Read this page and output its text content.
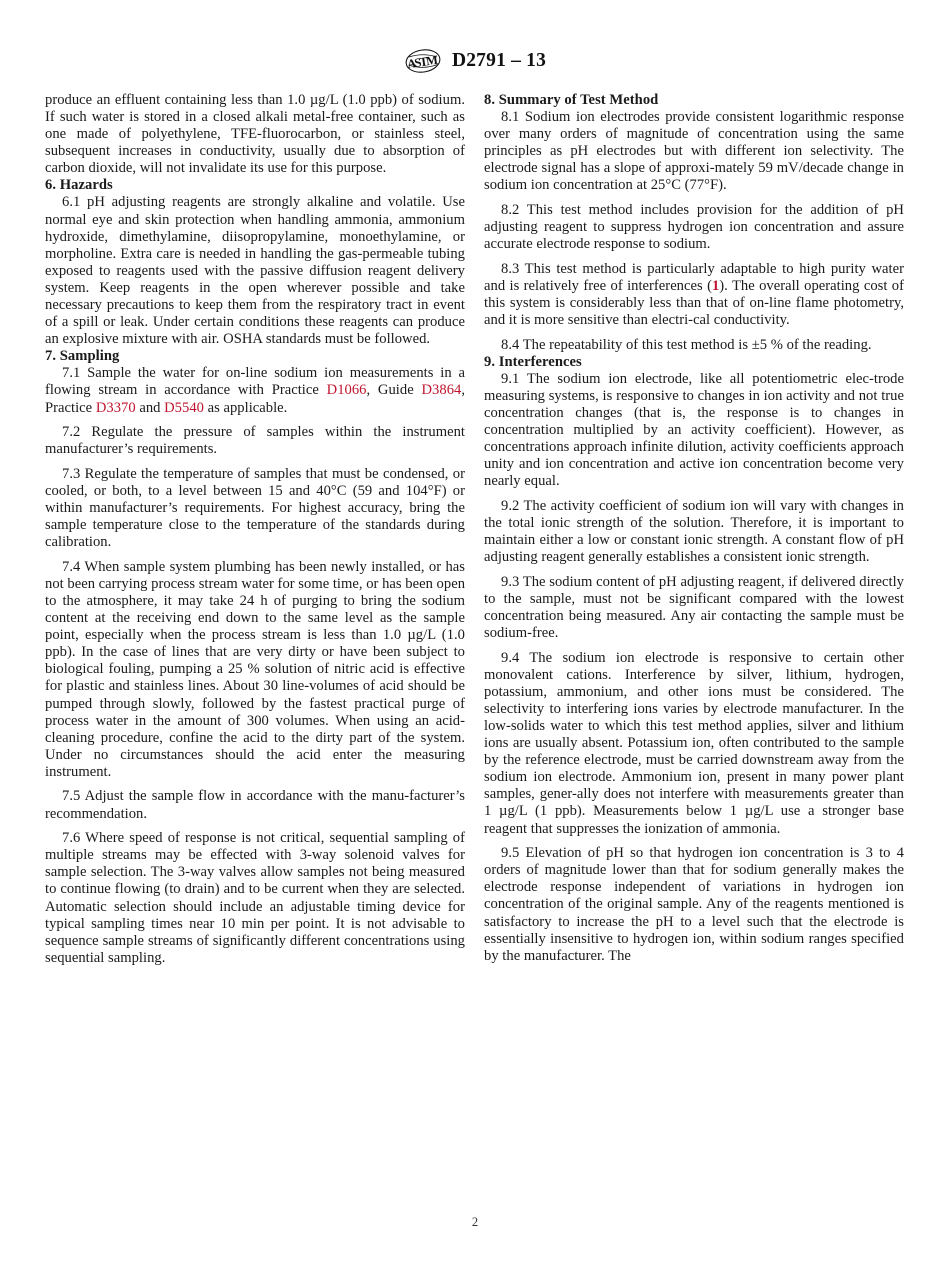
ASTM D2791 – 13

produce an effluent containing less than 1.0 µg/L (1.0 ppb) of sodium. If such water is stored in a closed alkali metal-free container, such as one made of polyethylene, TFE-fluorocarbon, or stainless steel, subsequent increases in conductivity, usually due to absorption of carbon dioxide, will not invalidate its use for this purpose.

6. Hazards

6.1 pH adjusting reagents are strongly alkaline and volatile. Use normal eye and skin protection when handling ammonia, ammonium hydroxide, dimethylamine, diisopropylamine, monoethylamine, or morpholine. Extra care is needed in handling the gas-permeable tubing exposed to reagents used with the passive diffusion reagent delivery system. Keep reagents in the open wherever possible and take necessary precautions to keep them from the respiratory tract in event of a spill or leak. Under certain conditions these reagents can produce an explosive mixture with air. OSHA standards must be followed.

7. Sampling

7.1 Sample the water for on-line sodium ion measurements in a flowing stream in accordance with Practice D1066, Guide D3864, Practice D3370 and D5540 as applicable.

7.2 Regulate the pressure of samples within the instrument manufacturer’s requirements.

7.3 Regulate the temperature of samples that must be condensed, or cooled, or both, to a level between 15 and 40°C (59 and 104°F) or within manufacturer’s requirements. For highest accuracy, bring the sample temperature close to the temperature of the standards during calibration.

7.4 When sample system plumbing has been newly installed, or has not been carrying process stream water for some time, or has been open to the atmosphere, it may take 24 h of purging to bring the sodium content at the receiving end down to the same level as the sample point, especially when the process stream is less than 1.0 µg/L (1.0 ppb). In the case of lines that are very dirty or have been subject to biological fouling, pumping a 25 % solution of nitric acid is effective for plastic and stainless lines. About 30 line-volumes of acid should be pumped through slowly, followed by the fastest practical purge of process water in the amount of 300 volumes. When using an acid-cleaning procedure, confine the acid to the dirty part of the system. Under no circumstances should the acid enter the measuring instrument.

7.5 Adjust the sample flow in accordance with the manu-facturer’s recommendation.

7.6 Where speed of response is not critical, sequential sampling of multiple streams may be effected with 3-way solenoid valves for sample selection. The 3-way valves allow samples not being measured to continue flowing (to drain) and to be current when they are selected. Automatic selection should include an adjustable timing device for typical sampling times near 10 min per point. It is not advisable to sequence sample streams of significantly different concentrations using sequential sampling.

8. Summary of Test Method

8.1 Sodium ion electrodes provide consistent logarithmic response over many orders of magnitude of concentration using the same principles as pH electrodes but with different ion selectivity. The electrode signal has a slope of approxi-mately 59 mV/decade change in sodium ion concentration at 25°C (77°F).

8.2 This test method includes provision for the addition of pH adjusting reagent to suppress hydrogen ion concentration and assure accurate electrode response to sodium.

8.3 This test method is particularly adaptable to high purity water and is relatively free of interferences (1). The overall operating cost of this system is considerably less than that of on-line flame photometry, and it is more sensitive than electri-cal conductivity.

8.4 The repeatability of this test method is ±5 % of the reading.

9. Interferences

9.1 The sodium ion electrode, like all potentiometric elec-trode measuring systems, is responsive to changes in ion activity and not true concentration changes (that is, the response is to changes in concentration multiplied by an activity coefficient). However, as concentrations approach infinite dilution, activity coefficients approach unity and ion concentration and active ion concentration become very nearly equal.

9.2 The activity coefficient of sodium ion will vary with changes in the total ionic strength of the solution. Therefore, it is important to maintain either a low or constant ionic strength. A constant flow of pH adjusting reagent generally establishes a consistent ionic strength.

9.3 The sodium content of pH adjusting reagent, if delivered directly to the sample, must not be significant compared with the lowest concentration being measured. Any air contacting the sample must be sodium-free.

9.4 The sodium ion electrode is responsive to certain other monovalent cations. Interference by silver, lithium, hydrogen, potassium, ammonium, and other ions must be considered. The selectivity to interfering ions varies by electrode manufacturer. In the low-solids water to which this test method applies, silver and lithium ions are usually absent. Potassium ion, often contributed to the sample by the reference electrode, must be carried downstream away from the sodium ion electrode. Ammonium ion, present in many power plant samples, gener-ally does not interfere with measurements greater than 1 µg/L (1 ppb). Measurements below 1 µg/L use a stronger base reagent that suppresses the ionization of ammonia.

9.5 Elevation of pH so that hydrogen ion concentration is 3 to 4 orders of magnitude lower than that for sodium generally makes the electrode response independent of variations in hydrogen ion concentration of the original sample. Any of the reagents mentioned is satisfactory to increase the pH to a level such that the electrode is essentially insensitive to hydrogen ion, within sodium ranges specified by the manufacturer. The

2
